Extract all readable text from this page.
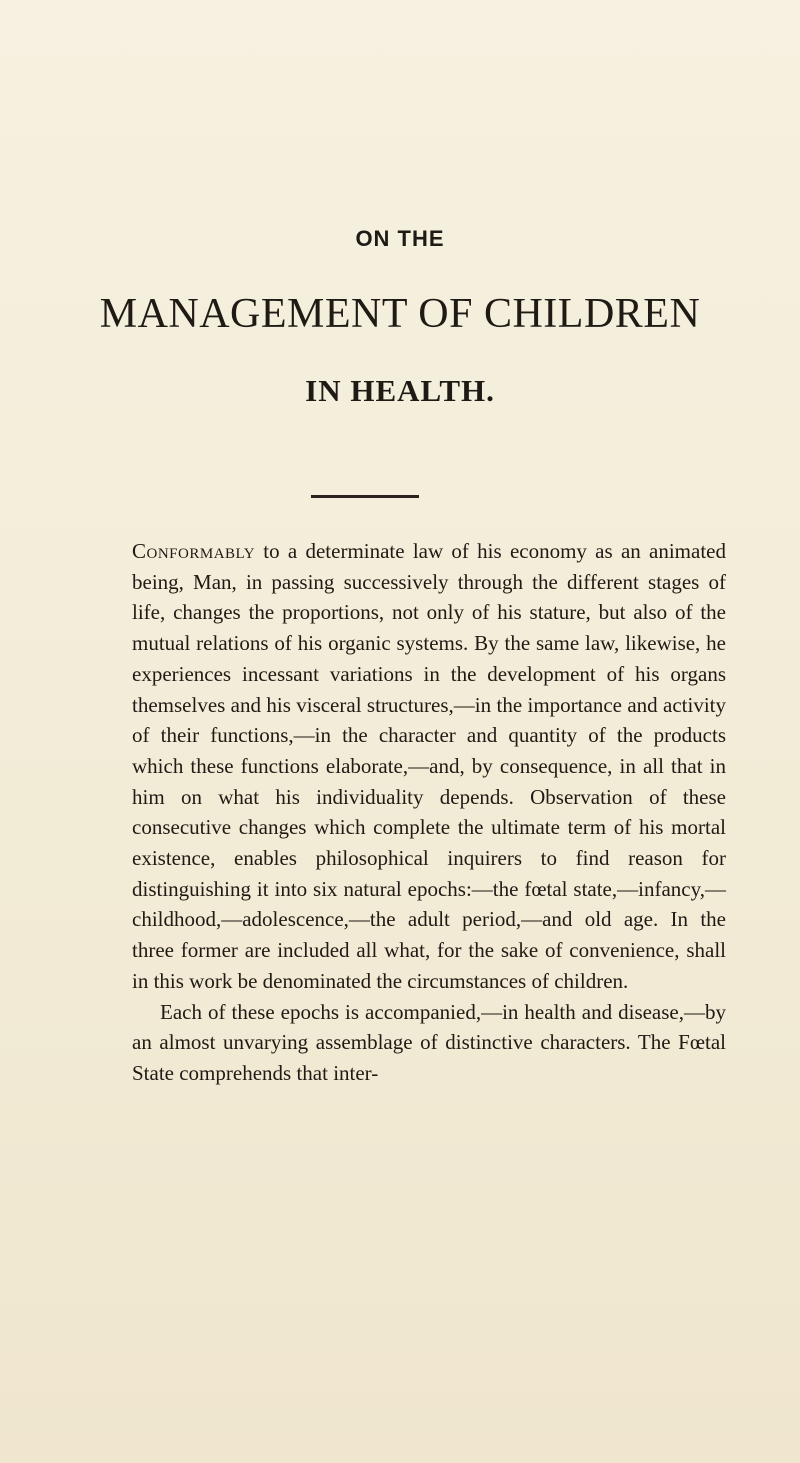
ON THE
MANAGEMENT OF CHILDREN
IN HEALTH.

Conformably to a determinate law of his economy as an animated being, Man, in passing successively through the different stages of life, changes the proportions, not only of his stature, but also of the mutual relations of his organic systems. By the same law, likewise, he experiences incessant variations in the development of his organs themselves and his visceral structures,—in the importance and activity of their functions,—in the character and quantity of the products which these functions elaborate,—and, by consequence, in all that in him on what his individuality depends. Observation of these consecutive changes which complete the ultimate term of his mortal existence, enables philosophical inquirers to find reason for distinguishing it into six natural epochs:—the fœtal state,—infancy,—childhood,—adolescence,—the adult period,—and old age. In the three former are included all what, for the sake of convenience, shall in this work be denominated the circumstances of children.

Each of these epochs is accompanied,—in health and disease,—by an almost unvarying assemblage of distinctive characters. The Fœtal State comprehends that inter-
